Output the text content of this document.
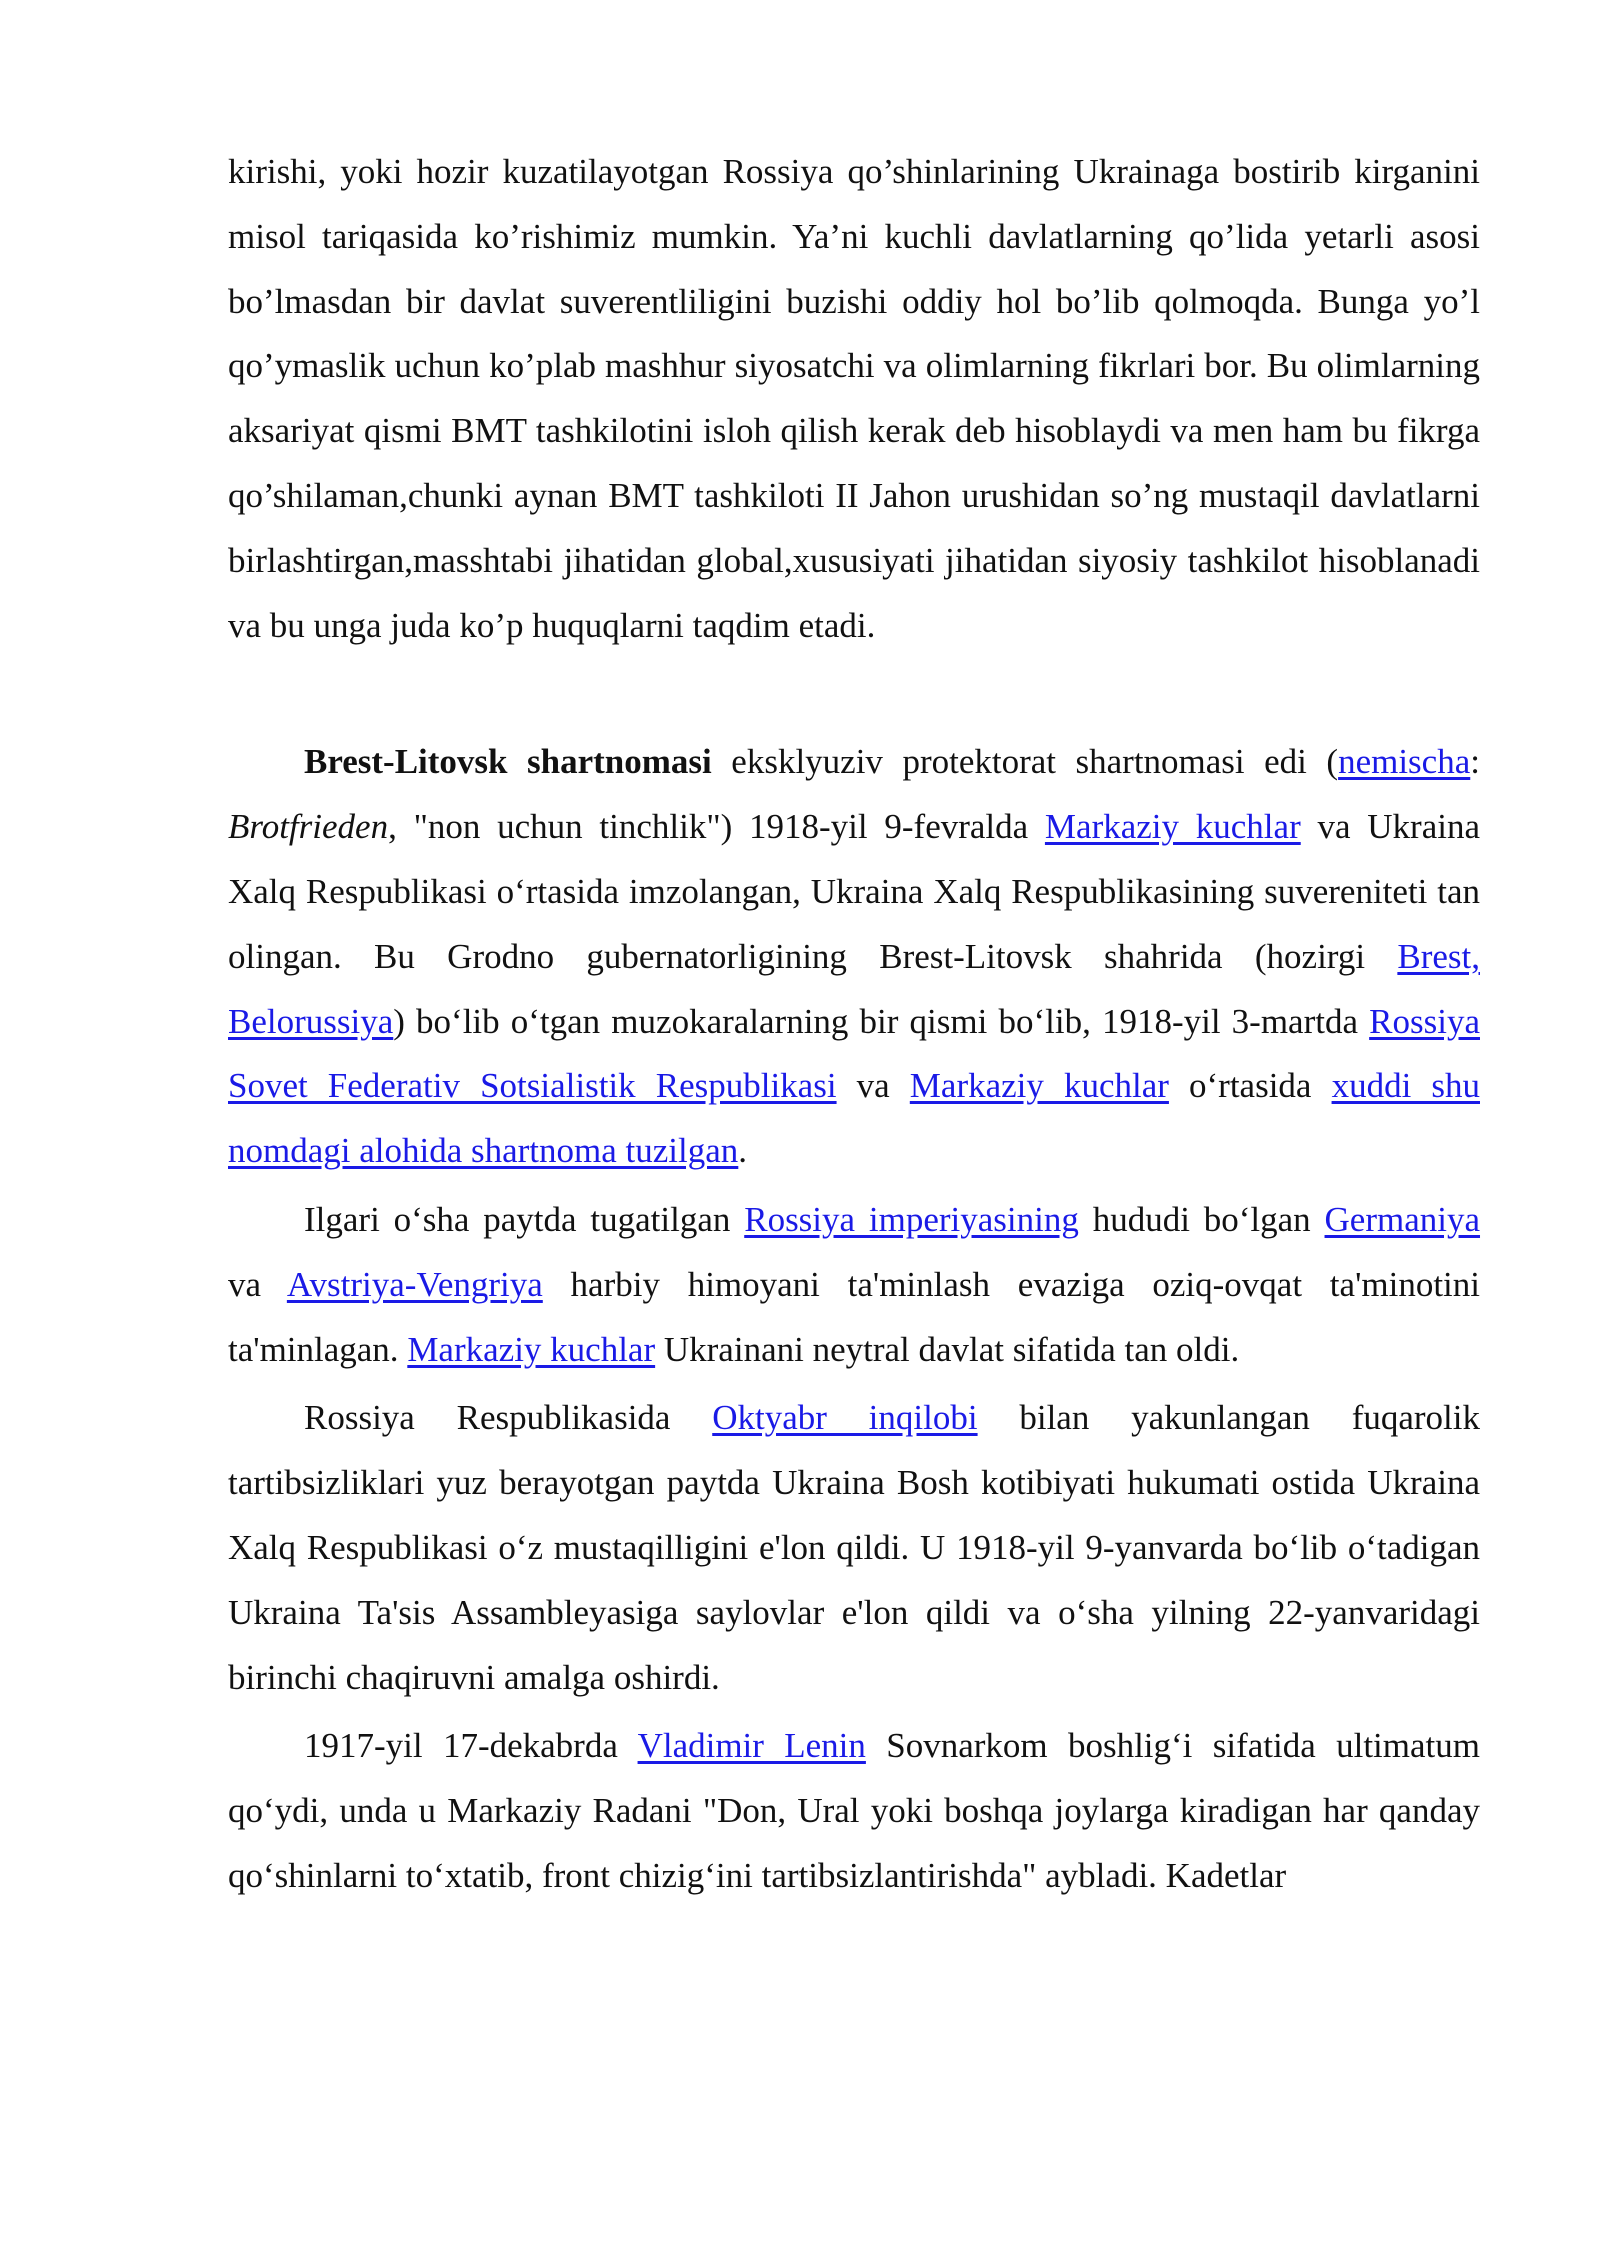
kirishi, yoki hozir kuzatilayotgan Rossiya qo’shinlarining Ukrainaga bostirib kirganini misol tariqasida ko’rishimiz mumkin. Ya’ni kuchli davlatlarning qo’lida yetarli asosi bo’lmasdan bir davlat suverentliligini buzishi oddiy hol bo’lib qolmoqda. Bunga yo’l qo’ymaslik uchun ko’plab mashhur siyosatchi va olimlarning fikrlari bor. Bu olimlarning aksariyat qismi BMT tashkilotini isloh qilish kerak deb hisoblaydi va men ham bu fikrga qo’shilaman,chunki aynan BMT tashkiloti II Jahon urushidan so’ng mustaqil davlatlarni birlashtirgan,masshtabi jihatidan global,xususiyati jihatidan siyosiy tashkilot hisoblanadi va bu unga juda ko’p huquqlarni taqdim etadi.

Brest-Litovsk shartnomasi eksklyuziv protektorat shartnomasi edi (nemischa: Brotfrieden, "non uchun tinchlik") 1918-yil 9-fevralda Markaziy kuchlar va Ukraina Xalq Respublikasi oʻrtasida imzolangan, Ukraina Xalq Respublikasining suvereniteti tan olingan. Bu Grodno gubernatorligining Brest-Litovsk shahrida (hozirgi Brest, Belorussiya) boʻlib oʻtgan muzokaralarning bir qismi boʻlib, 1918-yil 3-martda Rossiya Sovet Federativ Sotsialistik Respublikasi va Markaziy kuchlar oʻrtasida xuddi shu nomdagi alohida shartnoma tuzilgan.

Ilgari oʻsha paytda tugatilgan Rossiya imperiyasining hududi boʻlgan Germaniya va Avstriya-Vengriya harbiy himoyani ta'minlash evaziga oziq-ovqat ta'minotini ta'minlagan. Markaziy kuchlar Ukrainani neytral davlat sifatida tan oldi.

Rossiya Respublikasida Oktyabr inqilobi bilan yakunlangan fuqarolik tartibsizliklari yuz berayotgan paytda Ukraina Bosh kotibiyati hukumati ostida Ukraina Xalq Respublikasi oʻz mustaqilligini e'lon qildi. U 1918-yil 9-yanvarda boʻlib oʻtadigan Ukraina Ta'sis Assambleyasiga saylovlar e'lon qildi va oʻsha yilning 22-yanvaridagi birinchi chaqiruvni amalga oshirdi.

1917-yil 17-dekabrda Vladimir Lenin Sovnarkom boshligʻi sifatida ultimatum qoʻydi, unda u Markaziy Radani "Don, Ural yoki boshqa joylarga kiradigan har qanday qoʻshinlarni toʻxtatib, front chizigʻini tartibsizlantirishda" aybladi. Kadetlar
